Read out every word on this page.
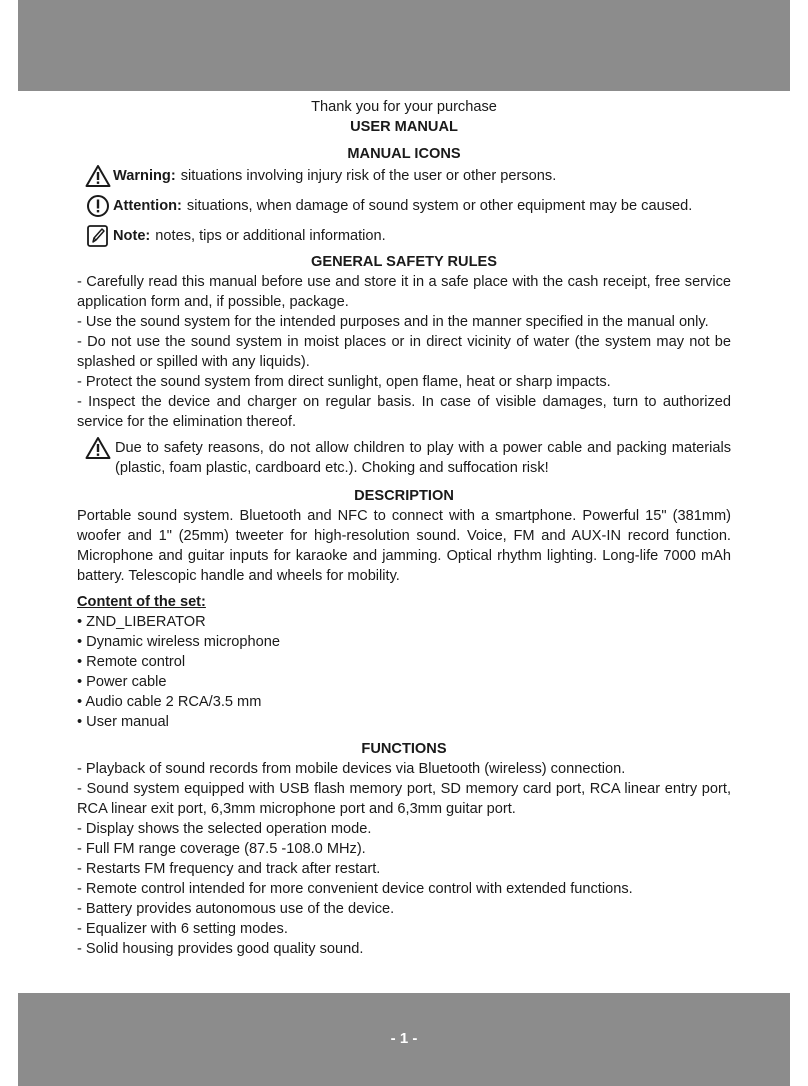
Thank you for your purchase
USER MANUAL
MANUAL ICONS
Warning: situations involving injury risk of the user or other persons.
Attention: situations, when damage of sound system or other equipment may be caused.
Note: notes, tips or additional information.
GENERAL SAFETY RULES

- Carefully read this manual before use and store it in a safe place with the cash receipt, free service application form and, if possible, package.

- Use the sound system for the intended purposes and in the manner specified in the manual only.

- Do not use the sound system in moist places or in direct vicinity of water (the system may not be splashed or spilled with any liquids).

- Protect the sound system from direct sunlight, open flame, heat or sharp impacts.

- Inspect the device and charger on regular basis. In case of visible damages, turn to authorized service for the elimination thereof.

Due to safety reasons, do not allow children to play with a power cable and packing materials (plastic, foam plastic, cardboard etc.). Choking and suffocation risk!
DESCRIPTION

Portable sound system. Bluetooth and NFC to connect with a smartphone. Powerful 15" (381mm) woofer and 1" (25mm) tweeter for high-resolution sound. Voice, FM and AUX-IN record function. Microphone and guitar inputs for karaoke and jamming. Optical rhythm lighting. Long-life 7000 mAh battery. Telescopic handle and wheels for mobility.

Content of the set:
• ZND_LIBERATOR
• Dynamic wireless microphone
• Remote control
• Power cable
• Audio cable 2 RCA/3.5 mm
• User manual
FUNCTIONS

- Playback of sound records from mobile devices via Bluetooth (wireless) connection.

- Sound system equipped with USB flash memory port, SD memory card port, RCA linear entry port, RCA linear exit port, 6,3mm microphone port and 6,3mm guitar port.

- Display shows the selected operation mode.

- Full FM range coverage (87.5 -108.0 MHz).

- Restarts FM frequency and track after restart.

- Remote control intended for more convenient device control with extended functions.

- Battery provides autonomous use of the device.

- Equalizer with 6 setting modes.

- Solid housing provides good quality sound.

- 1 -
